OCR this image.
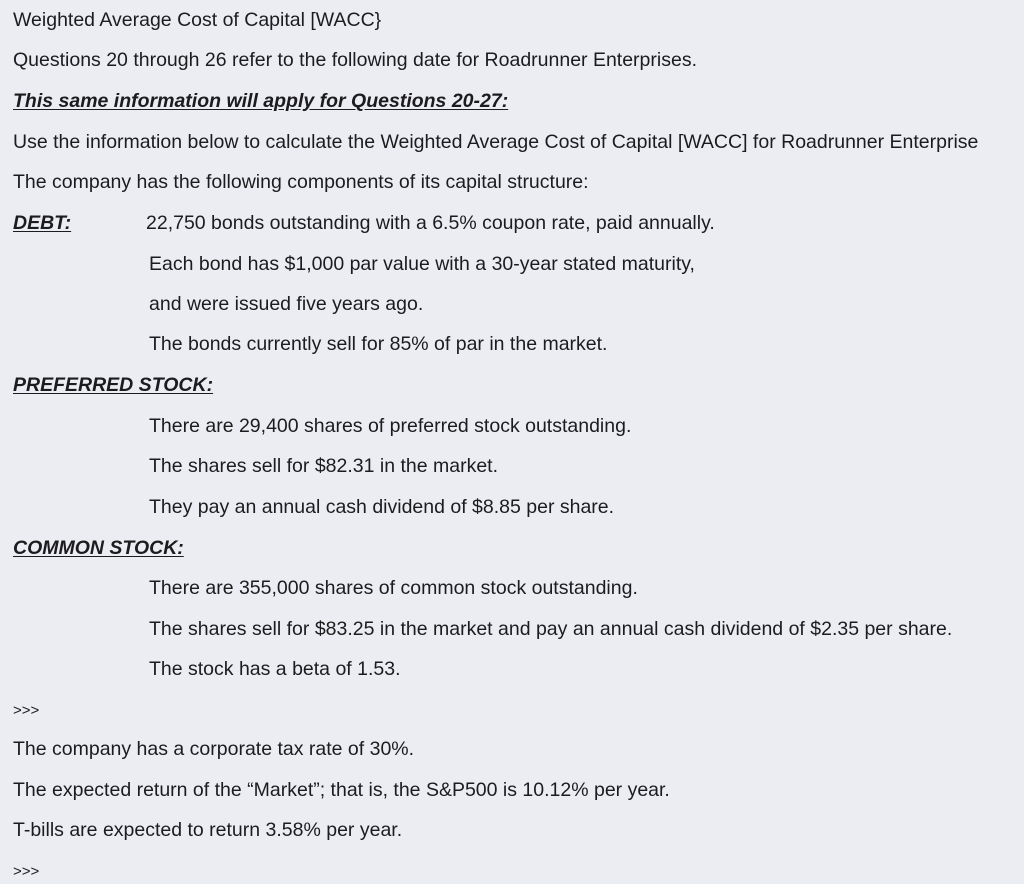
Weighted Average Cost of Capital [WACC}
Questions 20 through 26 refer to the following date for Roadrunner Enterprises.
This same information will apply for Questions 20-27:
Use the information below to calculate the Weighted Average Cost of Capital [WACC] for Roadrunner Enterprise
The company has the following components of its capital structure:
DEBT:	22,750 bonds outstanding with a 6.5% coupon rate, paid annually.
Each bond has $1,000 par value with a 30-year stated maturity,
and were issued five years ago.
The bonds currently sell for 85% of par in the market.
PREFERRED STOCK:
There are 29,400 shares of preferred stock outstanding.
The shares sell for $82.31 in the market.
They pay an annual cash dividend of $8.85 per share.
COMMON STOCK:
There are 355,000 shares of common stock outstanding.
The shares sell for $83.25 in the market and pay an annual cash dividend of $2.35 per share.
The stock has a beta of 1.53.
>>>
The company has a corporate tax rate of 30%.
The expected return of the “Market”; that is, the S&P500 is 10.12% per year.
T-bills are expected to return 3.58% per year.
>>>
